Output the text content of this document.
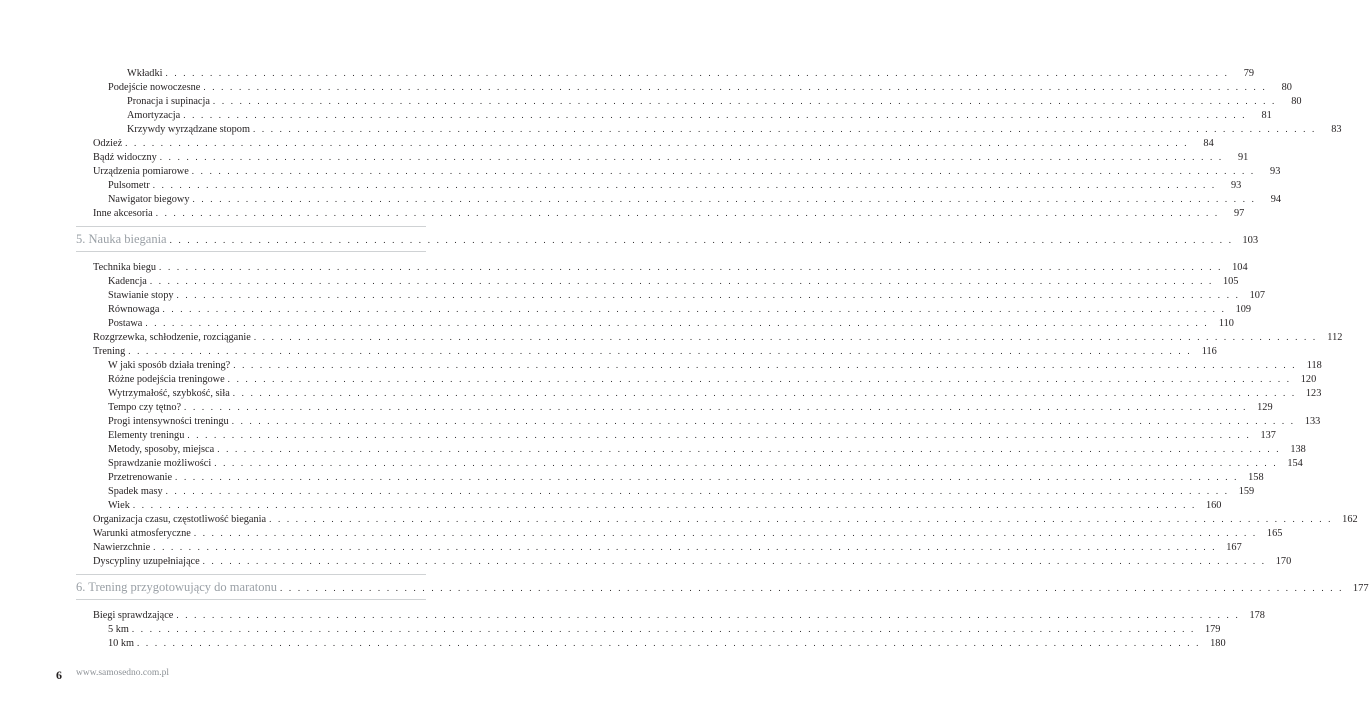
Wkładki . . . . . . . . . . . . . . . . . . . . . . . . . . . . . . . . . . . . . . . . . . . . . . . . . . . . . . . . . . . . . . . . . . . . . . . . . . . . . . . . . . . . . . . . . . . . . . . . . . . . . . . . . . . . . . . . . . . . . . . .	79
Podejście nowoczesne . . . . . . . . . . . . . . . . . . . . . . . . . . . . . . . . . . . . . . . . . . . . . . . . . . . . . . . . . . . . . . . . . . . . . . . . . . . . . . . . . . . . . . . . . . . . . . . . . . . . . . . . . . . . . . . . . . . . . . . .	80
Pronacja i supinacja . . . . . . . . . . . . . . . . . . . . . . . . . . . . . . . . . . . . . . . . . . . . . . . . . . . . . . . . . . . . . . . . . . . . . . . . . . . . . . . . . . . . . . . . . . . . . . . . . . . . . . . . . . . . . . . . . . . . . . . .	80
Amortyzacja . . . . . . . . . . . . . . . . . . . . . . . . . . . . . . . . . . . . . . . . . . . . . . . . . . . . . . . . . . . . . . . . . . . . . . . . . . . . . . . . . . . . . . . . . . . . . . . . . . . . . . . . . . . . . . . . . . . . . . . .	81
Krzywdy wyrządzane stopom . . . . . . . . . . . . . . . . . . . . . . . . . . . . . . . . . . . . . . . . . . . . . . . . . . . . . . . . . . . . . . . . . . . . . . . . . . . . . . . . . . . . . . . . . . . . . . . . . . . . . . . . . . . . . . . . . . . . . . . .	83
Odzież . . . . . . . . . . . . . . . . . . . . . . . . . . . . . . . . . . . . . . . . . . . . . . . . . . . . . . . . . . . . . . . . . . . . . . . . . . . . . . . . . . . . . . . . . . . . . . . . . . . . . . . . . . . . . . . . . . . . . . . .	84
Bądź widoczny . . . . . . . . . . . . . . . . . . . . . . . . . . . . . . . . . . . . . . . . . . . . . . . . . . . . . . . . . . . . . . . . . . . . . . . . . . . . . . . . . . . . . . . . . . . . . . . . . . . . . . . . . . . . . . . . . . . . . . . .	91
Urządzenia pomiarowe . . . . . . . . . . . . . . . . . . . . . . . . . . . . . . . . . . . . . . . . . . . . . . . . . . . . . . . . . . . . . . . . . . . . . . . . . . . . . . . . . . . . . . . . . . . . . . . . . . . . . . . . . . . . . . . . . . . . . . . .	93
Pulsometr . . . . . . . . . . . . . . . . . . . . . . . . . . . . . . . . . . . . . . . . . . . . . . . . . . . . . . . . . . . . . . . . . . . . . . . . . . . . . . . . . . . . . . . . . . . . . . . . . . . . . . . . . . . . . . . . . . . . . . . .	93
Nawigator biegowy . . . . . . . . . . . . . . . . . . . . . . . . . . . . . . . . . . . . . . . . . . . . . . . . . . . . . . . . . . . . . . . . . . . . . . . . . . . . . . . . . . . . . . . . . . . . . . . . . . . . . . . . . . . . . . . . . . . . . . . .	94
Inne akcesoria . . . . . . . . . . . . . . . . . . . . . . . . . . . . . . . . . . . . . . . . . . . . . . . . . . . . . . . . . . . . . . . . . . . . . . . . . . . . . . . . . . . . . . . . . . . . . . . . . . . . . . . . . . . . . . . . . . . . . . . .	97
5. Nauka biegania . . . . . . . . . . . . . . . . . . . . . . . . . . . . . . . . . . . . . . . . . . . . . . . . . . . . . . . . . . . . . . . . . . . . . . . . . . . . . . . . . . . . . . . . . . . . . . . . . . . . . . . . . . . . . . . . . . . . . . . . 103
Technika biegu . . . . . . . . . . . . . . . . . . . . . . . . . . . . . . . . . . . . . . . . . . . . . . . . . . . . . . . . . . . . . . . . . . . . . . . . . . . . . . . . . . . . . . . . . . . . . . . . . . . . . . . . . . . . . . . . . . . . . . . . 104
Kadencja . . . . . . . . . . . . . . . . . . . . . . . . . . . . . . . . . . . . . . . . . . . . . . . . . . . . . . . . . . . . . . . . . . . . . . . . . . . . . . . . . . . . . . . . . . . . . . . . . . . . . . . . . . . . . . . . . . . . . . . . 105
Stawianie stopy . . . . . . . . . . . . . . . . . . . . . . . . . . . . . . . . . . . . . . . . . . . . . . . . . . . . . . . . . . . . . . . . . . . . . . . . . . . . . . . . . . . . . . . . . . . . . . . . . . . . . . . . . . . . . . . . . . . . . . . . 107
Równowaga . . . . . . . . . . . . . . . . . . . . . . . . . . . . . . . . . . . . . . . . . . . . . . . . . . . . . . . . . . . . . . . . . . . . . . . . . . . . . . . . . . . . . . . . . . . . . . . . . . . . . . . . . . . . . . . . . . . . . . . . 109
Postawa . . . . . . . . . . . . . . . . . . . . . . . . . . . . . . . . . . . . . . . . . . . . . . . . . . . . . . . . . . . . . . . . . . . . . . . . . . . . . . . . . . . . . . . . . . . . . . . . . . . . . . . . . . . . . . . . . . . . . . . . 110
Rozgrzewka, schłodzenie, rozciąganie . . . . . . . . . . . . . . . . . . . . . . . . . . . . . . . . . . . . . . . . . . . . . . . . . . . . . . . . . . . . . . . . . . . . . . . . . . . . . . . . . . . . . . . . . . . . . . . . . . . . . . . . . . . . . . . . . . . . . . . . 112
Trening . . . . . . . . . . . . . . . . . . . . . . . . . . . . . . . . . . . . . . . . . . . . . . . . . . . . . . . . . . . . . . . . . . . . . . . . . . . . . . . . . . . . . . . . . . . . . . . . . . . . . . . . . . . . . . . . . . . . . . . . 116
W jaki sposób działa trening? . . . . . . . . . . . . . . . . . . . . . . . . . . . . . . . . . . . . . . . . . . . . . . . . . . . . . . . . . . . . . . . . . . . . . . . . . . . . . . . . . . . . . . . . . . . . . . . . . . . . . . . . . . . . . . . . . . . . . . . . 118
Różne podejścia treningowe . . . . . . . . . . . . . . . . . . . . . . . . . . . . . . . . . . . . . . . . . . . . . . . . . . . . . . . . . . . . . . . . . . . . . . . . . . . . . . . . . . . . . . . . . . . . . . . . . . . . . . . . . . . . . . . . . . . . . . . . 120
Wytrzymałość, szybkość, siła . . . . . . . . . . . . . . . . . . . . . . . . . . . . . . . . . . . . . . . . . . . . . . . . . . . . . . . . . . . . . . . . . . . . . . . . . . . . . . . . . . . . . . . . . . . . . . . . . . . . . . . . . . . . . . . . . . . . . . . . 123
Tempo czy tętno? . . . . . . . . . . . . . . . . . . . . . . . . . . . . . . . . . . . . . . . . . . . . . . . . . . . . . . . . . . . . . . . . . . . . . . . . . . . . . . . . . . . . . . . . . . . . . . . . . . . . . . . . . . . . . . . . . . . . . . . . 129
Progi intensywności treningu . . . . . . . . . . . . . . . . . . . . . . . . . . . . . . . . . . . . . . . . . . . . . . . . . . . . . . . . . . . . . . . . . . . . . . . . . . . . . . . . . . . . . . . . . . . . . . . . . . . . . . . . . . . . . . . . . . . . . . . . 133
Elementy treningu . . . . . . . . . . . . . . . . . . . . . . . . . . . . . . . . . . . . . . . . . . . . . . . . . . . . . . . . . . . . . . . . . . . . . . . . . . . . . . . . . . . . . . . . . . . . . . . . . . . . . . . . . . . . . . . . . . . . . . . . 137
Metody, sposoby, miejsca . . . . . . . . . . . . . . . . . . . . . . . . . . . . . . . . . . . . . . . . . . . . . . . . . . . . . . . . . . . . . . . . . . . . . . . . . . . . . . . . . . . . . . . . . . . . . . . . . . . . . . . . . . . . . . . . . . . . . . . . 138
Sprawdzanie możliwości . . . . . . . . . . . . . . . . . . . . . . . . . . . . . . . . . . . . . . . . . . . . . . . . . . . . . . . . . . . . . . . . . . . . . . . . . . . . . . . . . . . . . . . . . . . . . . . . . . . . . . . . . . . . . . . . . . . . . . . . 154
Przetrenowanie . . . . . . . . . . . . . . . . . . . . . . . . . . . . . . . . . . . . . . . . . . . . . . . . . . . . . . . . . . . . . . . . . . . . . . . . . . . . . . . . . . . . . . . . . . . . . . . . . . . . . . . . . . . . . . . . . . . . . . . . 158
Spadek masy . . . . . . . . . . . . . . . . . . . . . . . . . . . . . . . . . . . . . . . . . . . . . . . . . . . . . . . . . . . . . . . . . . . . . . . . . . . . . . . . . . . . . . . . . . . . . . . . . . . . . . . . . . . . . . . . . . . . . . . . 159
Wiek . . . . . . . . . . . . . . . . . . . . . . . . . . . . . . . . . . . . . . . . . . . . . . . . . . . . . . . . . . . . . . . . . . . . . . . . . . . . . . . . . . . . . . . . . . . . . . . . . . . . . . . . . . . . . . . . . . . . . . . . 160
Organizacja czasu, częstotliwość biegania . . . . . . . . . . . . . . . . . . . . . . . . . . . . . . . . . . . . . . . . . . . . . . . . . . . . . . . . . . . . . . . . . . . . . . . . . . . . . . . . . . . . . . . . . . . . . . . . . . . . . . . . . . . . . . . . . . . . . . . . 162
Warunki atmosferyczne . . . . . . . . . . . . . . . . . . . . . . . . . . . . . . . . . . . . . . . . . . . . . . . . . . . . . . . . . . . . . . . . . . . . . . . . . . . . . . . . . . . . . . . . . . . . . . . . . . . . . . . . . . . . . . . . . . . . . . . . 165
Nawierzchnie . . . . . . . . . . . . . . . . . . . . . . . . . . . . . . . . . . . . . . . . . . . . . . . . . . . . . . . . . . . . . . . . . . . . . . . . . . . . . . . . . . . . . . . . . . . . . . . . . . . . . . . . . . . . . . . . . . . . . . . . 167
Dyscypliny uzupełniające . . . . . . . . . . . . . . . . . . . . . . . . . . . . . . . . . . . . . . . . . . . . . . . . . . . . . . . . . . . . . . . . . . . . . . . . . . . . . . . . . . . . . . . . . . . . . . . . . . . . . . . . . . . . . . . . . . . . . . . . 170
6. Trening przygotowujący do maratonu . . . . . . . . . . . . . . . . . . . . . . . . . . . . . . . . . . . . . . . . . . . . . . . . . . . . . . . . . . . . . . . . . . . . . . . . . . . . . . . . . . . . . . . . . . . . . . . . . . . . . . . . . . . . . . . . . . . . . . . . 177
Biegi sprawdzające . . . . . . . . . . . . . . . . . . . . . . . . . . . . . . . . . . . . . . . . . . . . . . . . . . . . . . . . . . . . . . . . . . . . . . . . . . . . . . . . . . . . . . . . . . . . . . . . . . . . . . . . . . . . . . . . . . . . . . . . 178
5 km . . . . . . . . . . . . . . . . . . . . . . . . . . . . . . . . . . . . . . . . . . . . . . . . . . . . . . . . . . . . . . . . . . . . . . . . . . . . . . . . . . . . . . . . . . . . . . . . . . . . . . . . . . . . . . . . . . . . . . . . 179
10 km . . . . . . . . . . . . . . . . . . . . . . . . . . . . . . . . . . . . . . . . . . . . . . . . . . . . . . . . . . . . . . . . . . . . . . . . . . . . . . . . . . . . . . . . . . . . . . . . . . . . . . . . . . . . . . . . . . . . . . . . 180
6 www.samosedno.com.pl
